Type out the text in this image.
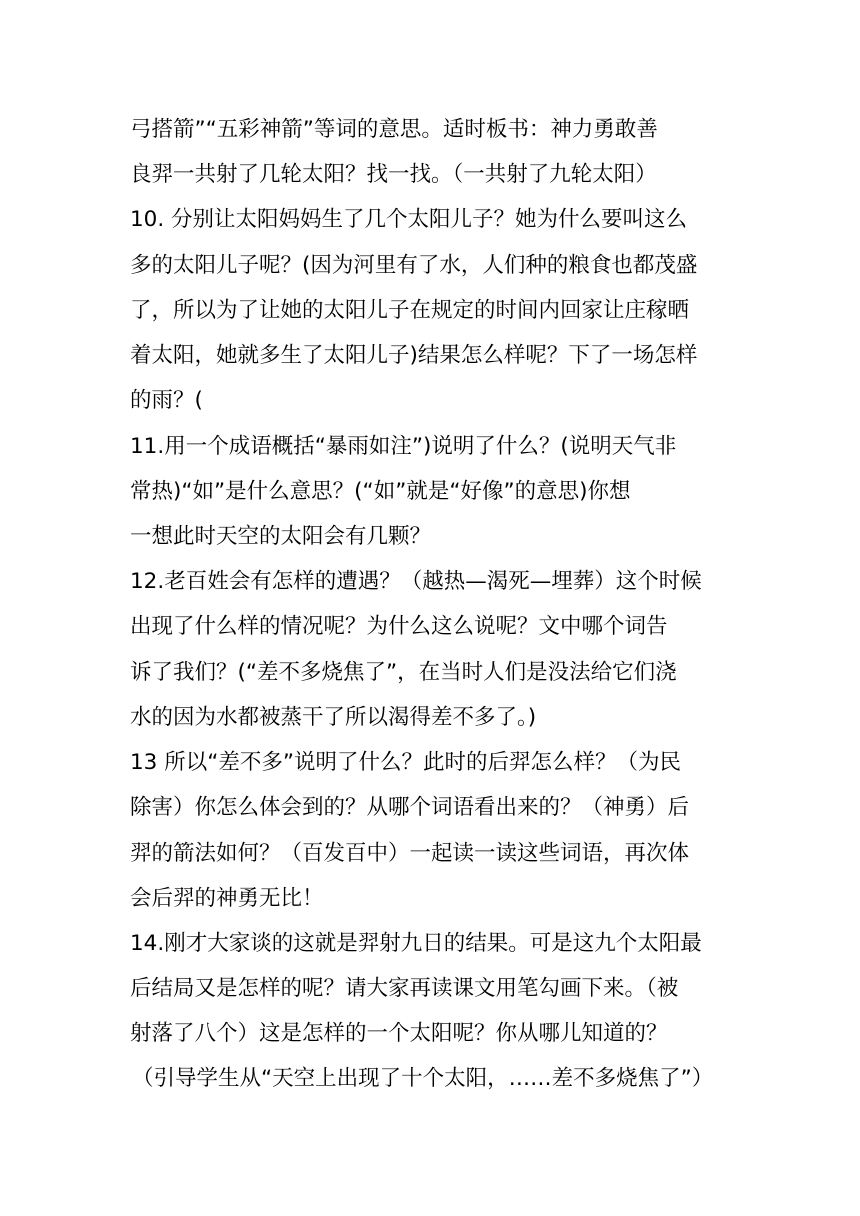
弓搭箭”“五彩神箭”等词的意思。适时板书：神力勇敢善
良羿一共射了几轮太阳？找一找。（一共射了九轮太阳）
10. 分别让太阳妈妈生了几个太阳儿子？她为什么要叫这么
多的太阳儿子呢？(因为河里有了水，人们种的粮食也都茂盛
了，所以为了让她的太阳儿子在规定的时间内回家让庄稼晒
着太阳，她就多生了太阳儿子)结果怎么样呢？下了一场怎样
的雨？(
11.用一个成语概括“暴雨如注”)说明了什么？(说明天气非
常热)“如”是什么意思？(“如”就是“好像”的意思)你想
一想此时天空的太阳会有几颗？
12.老百姓会有怎样的遭遇？（越热—渴死—埋葬）这个时候
出现了什么样的情况呢？为什么这么说呢？文中哪个词告
诉了我们？(“差不多烧焦了”，在当时人们是没法给它们浇
水的因为水都被蒸干了所以渴得差不多了。)
13 所以“差不多”说明了什么？此时的后羿怎么样？（为民
除害）你怎么体会到的？从哪个词语看出来的？（神勇）后
羿的箭法如何？（百发百中）一起读一读这些词语，再次体
会后羿的神勇无比！
14.刚才大家谈的这就是羿射九日的结果。可是这九个太阳最
后结局又是怎样的呢？请大家再读课文用笔勾画下来。（被
射落了八个）这是怎样的一个太阳呢？你从哪儿知道的？
（引导学生从“天空上出现了十个太阳，……差不多烧焦了”）
